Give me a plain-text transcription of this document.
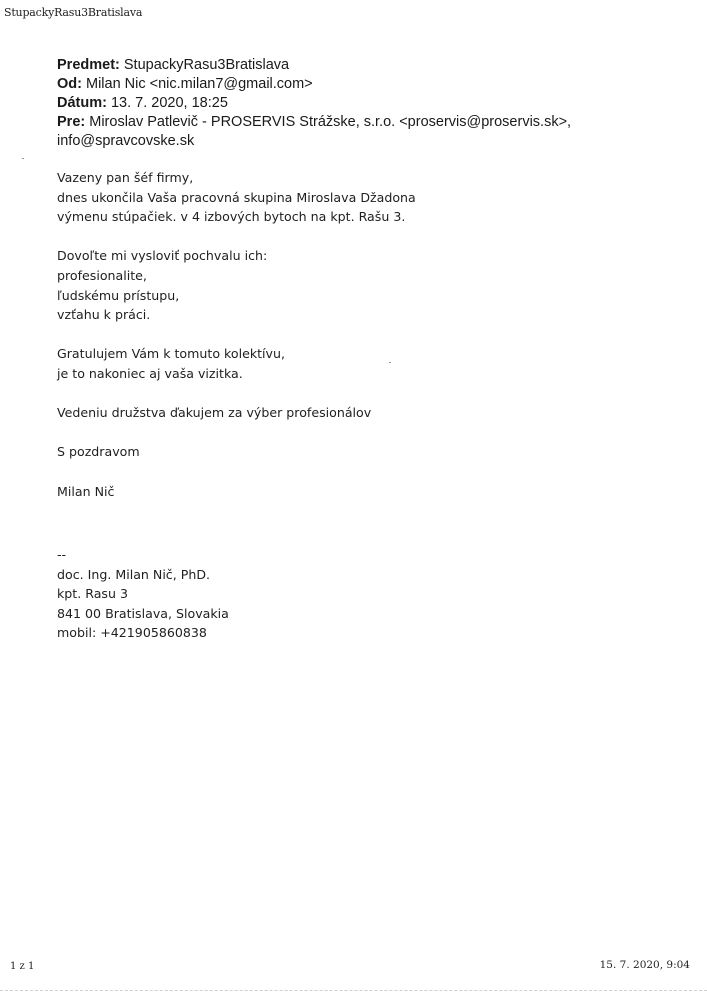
StupackyRasu3Bratislava
Predmet: StupackyRasu3Bratislava
Od: Milan Nic <nic.milan7@gmail.com>
Dátum: 13. 7. 2020, 18:25
Pre: Miroslav Patlevič - PROSERVIS Strážske, s.r.o. <proservis@proservis.sk>,
info@spravcovske.sk

Vazeny pan šéf firmy,

dnes ukončila Vaša pracovná skupina Miroslava Džadona

výmenu stúpačiek. v 4 izbových bytoch na kpt. Rašu 3.

Dovoľte mi vysloviť pochvalu ich:

profesionalite,

ľudskému prístupu,

vzťahu k práci.

Gratulujem Vám k tomuto kolektívu,

je to nakoniec aj vaša vizitka.

Vedeniu družstva ďakujem za výber profesionálov

S pozdravom

Milan Nič

--

doc. Ing. Milan Nič, PhD.

kpt. Rasu 3

841 00 Bratislava, Slovakia

mobil: +421905860838

1 z 1	15. 7. 2020, 9:04
